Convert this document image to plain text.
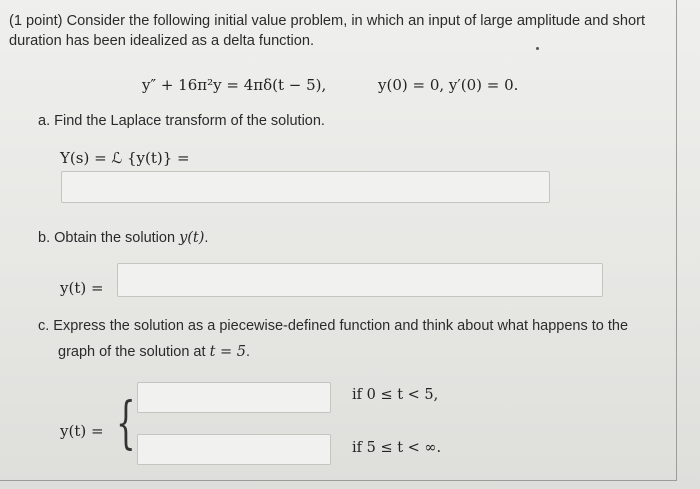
(1 point) Consider the following initial value problem, in which an input of large amplitude and short duration has been idealized as a delta function.
y″ + 16π²y = 4πδ(t − 5),	y(0) = 0, y′(0) = 0.
a. Find the Laplace transform of the solution.
Y(s) = ℒ {y(t)} =
b. Obtain the solution y(t).
y(t) =
c. Express the solution as a piecewise-defined function and think about what happens to the
graph of the solution at t = 5.
y(t) = {	if 0 ≤ t < 5,
if 5 ≤ t < ∞.
